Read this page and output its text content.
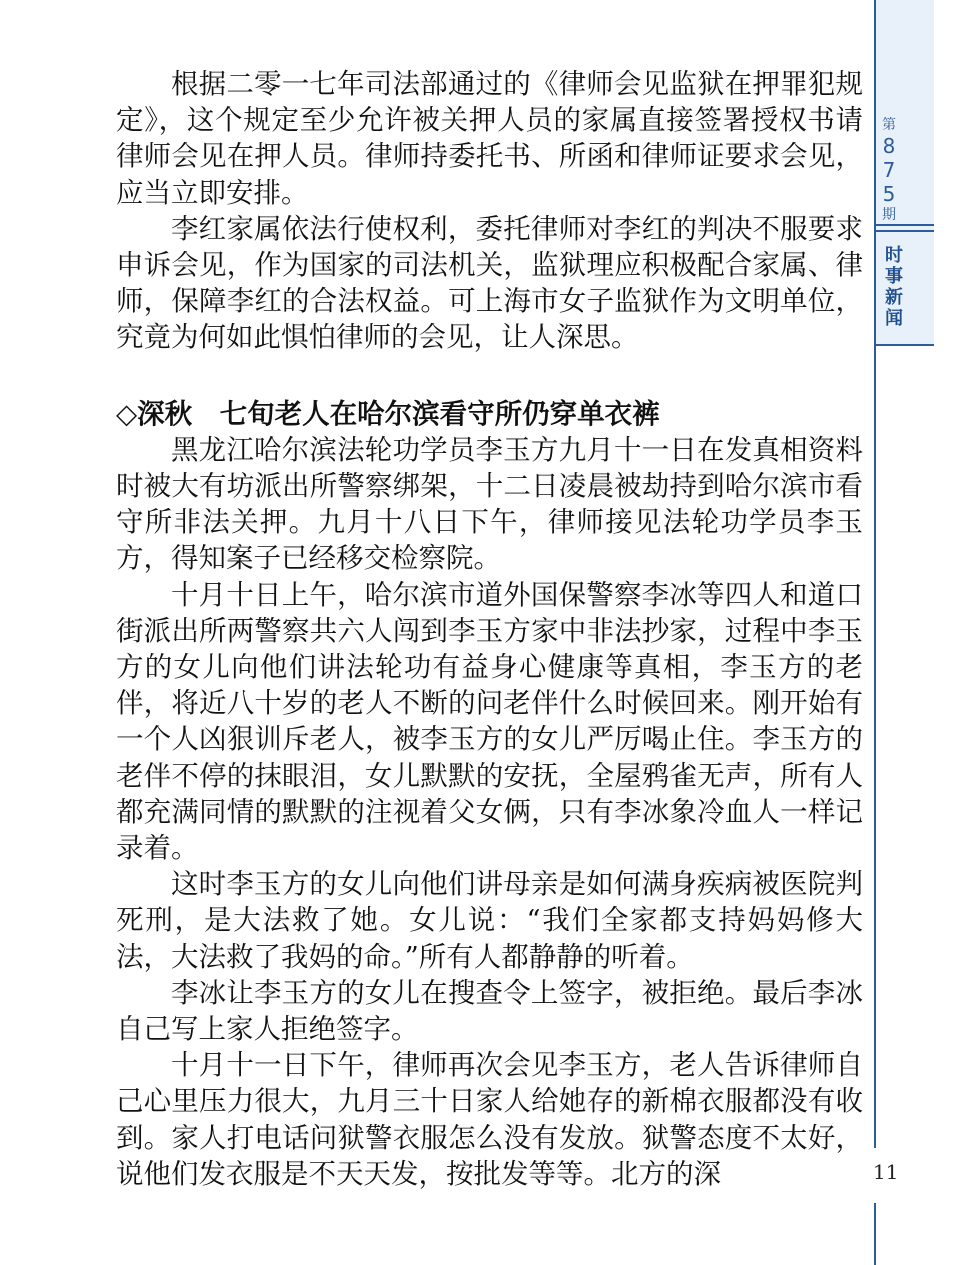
第
8
7
5
期
时
事
新
闻
11

根据二零一七年司法部通过的《律师会见监狱在押罪犯规定》，这个规定至少允许被关押人员的家属直接签署授权书请律师会见在押人员。律师持委托书、所函和律师证要求会见，应当立即安排。

李红家属依法行使权利，委托律师对李红的判决不服要求申诉会见，作为国家的司法机关，监狱理应积极配合家属、律师，保障李红的合法权益。可上海市女子监狱作为文明单位，究竟为何如此惧怕律师的会见，让人深思。

◇深秋　七旬老人在哈尔滨看守所仍穿单衣裤

黑龙江哈尔滨法轮功学员李玉方九月十一日在发真相资料时被大有坊派出所警察绑架，十二日凌晨被劫持到哈尔滨市看守所非法关押。九月十八日下午，律师接见法轮功学员李玉方，得知案子已经移交检察院。

十月十日上午，哈尔滨市道外国保警察李冰等四人和道口街派出所两警察共六人闯到李玉方家中非法抄家，过程中李玉方的女儿向他们讲法轮功有益身心健康等真相，李玉方的老伴，将近八十岁的老人不断的问老伴什么时候回来。刚开始有一个人凶狠训斥老人，被李玉方的女儿严厉喝止住。李玉方的老伴不停的抹眼泪，女儿默默的安抚，全屋鸦雀无声，所有人都充满同情的默默的注视着父女俩，只有李冰象冷血人一样记录着。

这时李玉方的女儿向他们讲母亲是如何满身疾病被医院判死刑，是大法救了她。女儿说：“我们全家都支持妈妈修大法，大法救了我妈的命。”所有人都静静的听着。

李冰让李玉方的女儿在搜查令上签字，被拒绝。最后李冰自己写上家人拒绝签字。

十月十一日下午，律师再次会见李玉方，老人告诉律师自己心里压力很大，九月三十日家人给她存的新棉衣服都没有收到。家人打电话问狱警衣服怎么没有发放。狱警态度不太好，说他们发衣服是不天天发，按批发等等。北方的深
